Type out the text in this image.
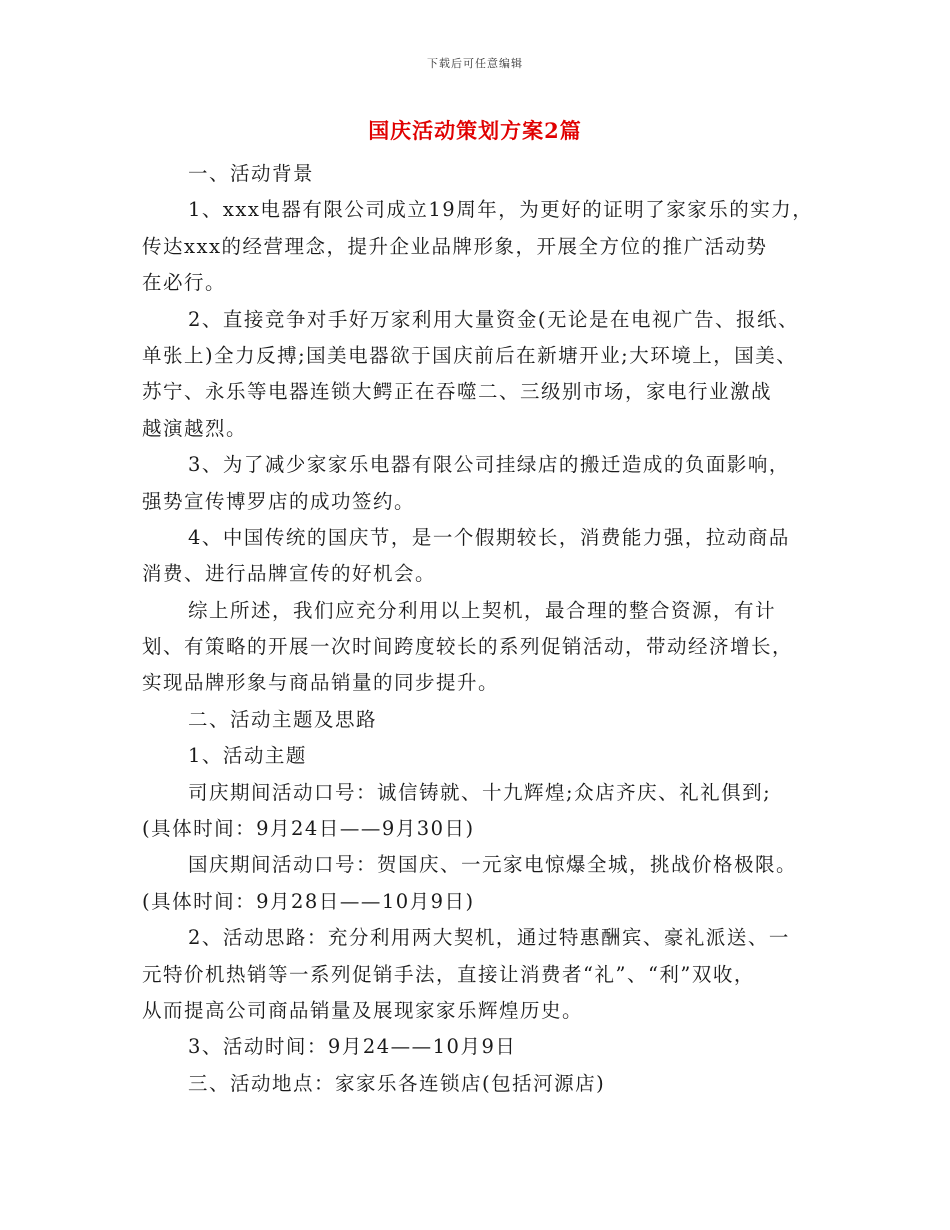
下载后可任意编辑
国庆活动策划方案2篇
一、活动背景
1、xxx电器有限公司成立19周年，为更好的证明了家家乐的实力，
传达xxx的经营理念，提升企业品牌形象，开展全方位的推广活动势
在必行。
2、直接竞争对手好万家利用大量资金(无论是在电视广告、报纸、
单张上)全力反搏;国美电器欲于国庆前后在新塘开业;大环境上，国美、
苏宁、永乐等电器连锁大鳄正在吞噬二、三级别市场，家电行业激战
越演越烈。
3、为了减少家家乐电器有限公司挂绿店的搬迁造成的负面影响，
强势宣传博罗店的成功签约。
4、中国传统的国庆节，是一个假期较长，消费能力强，拉动商品
消费、进行品牌宣传的好机会。
综上所述，我们应充分利用以上契机，最合理的整合资源，有计
划、有策略的开展一次时间跨度较长的系列促销活动，带动经济增长，
实现品牌形象与商品销量的同步提升。
二、活动主题及思路
1、活动主题
司庆期间活动口号：诚信铸就、十九辉煌;众店齐庆、礼礼俱到;
(具体时间：9月24日——9月30日)
国庆期间活动口号：贺国庆、一元家电惊爆全城，挑战价格极限。
(具体时间：9月28日——10月9日)
2、活动思路：充分利用两大契机，通过特惠酬宾、豪礼派送、一
元特价机热销等一系列促销手法，直接让消费者“礼”、“利”双收，
从而提高公司商品销量及展现家家乐辉煌历史。
3、活动时间：9月24——10月9日
三、活动地点：家家乐各连锁店(包括河源店)
